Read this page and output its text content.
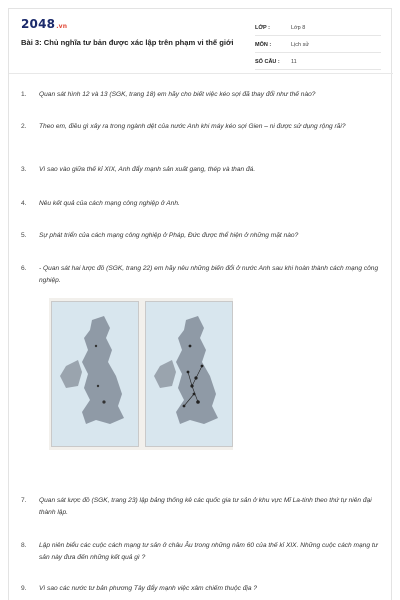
2048.vn
Bài 3: Chủ nghĩa tư bản được xác lập trên phạm vi thế giới
LỚP :	Lớp 8
MÔN :	Lịch sử
SỐ CÂU : 11
1. Quan sát hình 12 và 13 (SGK, trang 18) em hãy cho biết việc kéo sợi đã thay đổi như thế nào?
2. Theo em, điều gì xảy ra trong ngành dệt của nước Anh khi máy kéo sợi Gien – ni được sử dụng rộng rãi?
3. Vì sao vào giữa thế kỉ XIX, Anh đẩy mạnh sản xuất gang, thép và than đá.
4. Nêu kết quả của cách mạng công nghiệp ở Anh.
5. Sự phát triển của cách mạng công nghiệp ở Pháp, Đức được thể hiện ở những mặt nào?
6. - Quan sát hai lược đồ (SGK, trang 22) em hãy nêu những biến đổi ở nước Anh sau khi hoàn thành cách mạng công nghiệp.
7. Quan sát lược đồ (SGK, trang 23) lập bảng thống kê các quốc gia tư sản ở khu vực Mĩ La-tinh theo thứ tự niên đại thành lập.
8. Lập niên biểu các cuộc cách mạng tư sản ở châu Âu trong những năm 60 của thế kỉ XIX. Những cuộc cách mạng tư sản này đưa đến những kết quả gì ?
9. Vì sao các nước tư bản phương Tây đẩy mạnh việc xâm chiếm thuộc địa ?
